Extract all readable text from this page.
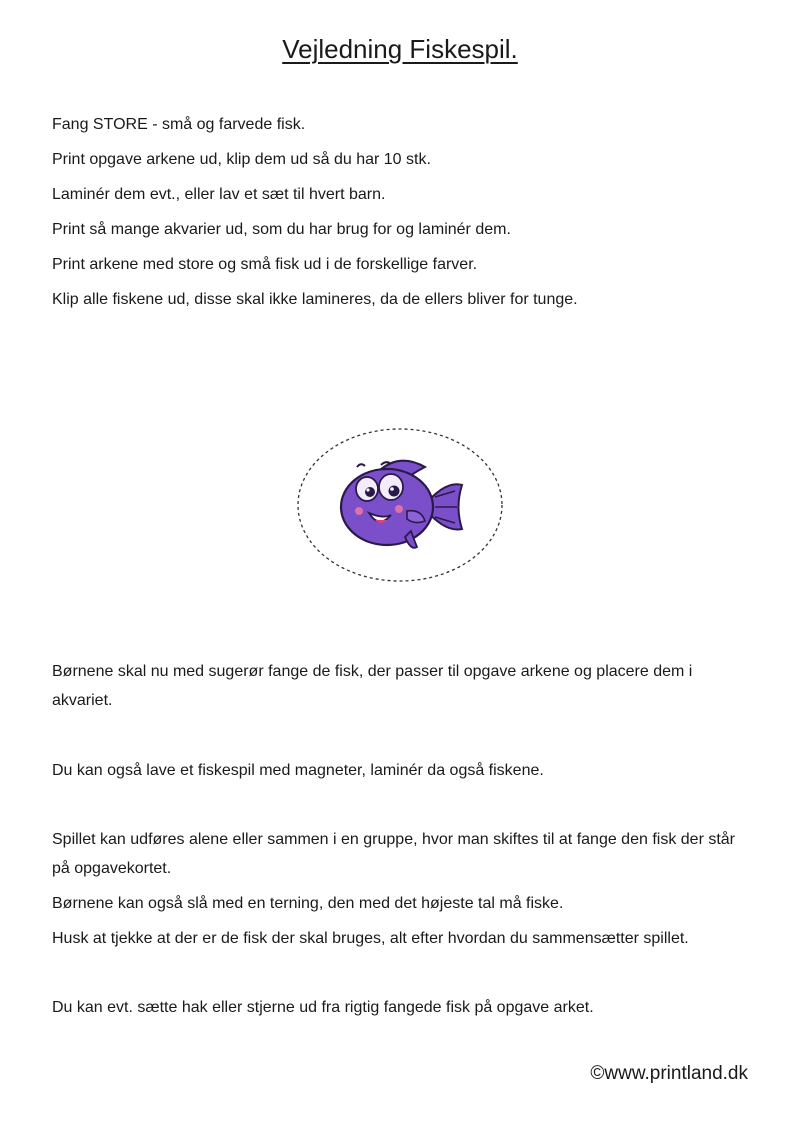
Vejledning Fiskespil.

Fang STORE - små og farvede fisk.

Print opgave arkene ud, klip dem ud så du har 10 stk.

Laminér dem evt., eller lav et sæt til hvert barn.

Print så mange akvarier ud, som du har brug for og laminér dem.

Print arkene med store og små fisk ud i de forskellige farver.

Klip alle fiskene ud, disse skal ikke lamineres, da de ellers bliver for tunge.

Børnene skal nu med sugerør fange de fisk, der passer til opgave arkene og placere dem i akvariet.

Du kan også lave et fiskespil med magneter, laminér da også fiskene.

Spillet kan udføres alene eller sammen i en gruppe, hvor man skiftes til at fange den fisk der står på opgavekortet.

Børnene kan også slå med en terning, den med det højeste tal må fiske.

Husk at tjekke at der er de fisk der skal bruges, alt efter hvordan du sammensætter spillet.

Du kan evt. sætte hak eller stjerne ud fra rigtig fangede fisk på opgave arket.

©www.printland.dk
